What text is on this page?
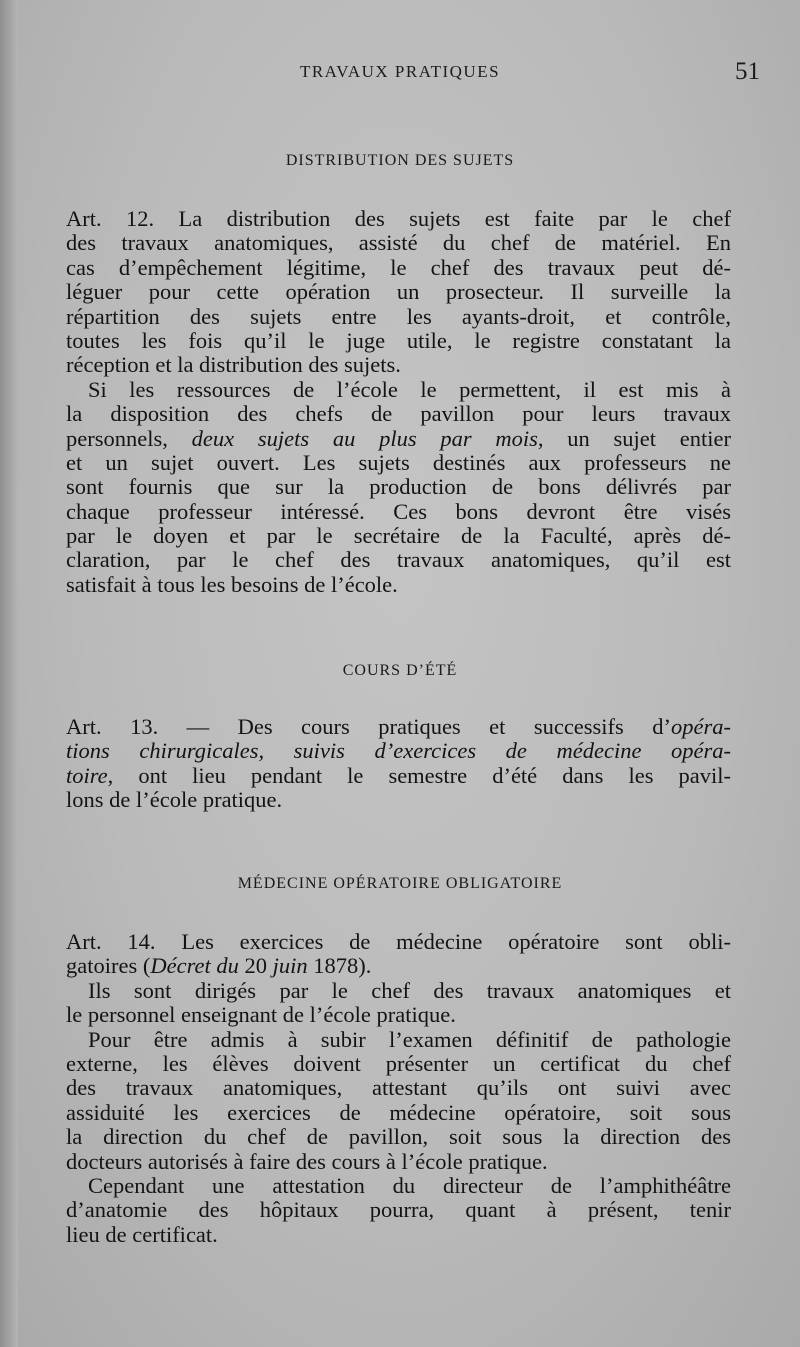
TRAVAUX PRATIQUES	51
DISTRIBUTION DES SUJETS
Art. 12. La distribution des sujets est faite par le chef
des travaux anatomiques, assisté du chef de matériel. En
cas d’empêchement légitime, le chef des travaux peut dé-
léguer pour cette opération un prosecteur. Il surveille la
répartition des sujets entre les ayants-droit, et contrôle,
toutes les fois qu’il le juge utile, le registre constatant la
réception et la distribution des sujets.
Si les ressources de l’école le permettent, il est mis à
la disposition des chefs de pavillon pour leurs travaux
personnels, deux sujets au plus par mois, un sujet entier
et un sujet ouvert. Les sujets destinés aux professeurs ne
sont fournis que sur la production de bons délivrés par
chaque professeur intéressé. Ces bons devront être visés
par le doyen et par le secrétaire de la Faculté, après dé-
claration, par le chef des travaux anatomiques, qu’il est
satisfait à tous les besoins de l’école.
COURS D’ÉTÉ
Art. 13. — Des cours pratiques et successifs d’opéra-
tions chirurgicales, suivis d’exercices de médecine opéra-
toire, ont lieu pendant le semestre d’été dans les pavil-
lons de l’école pratique.
MÉDECINE OPÉRATOIRE OBLIGATOIRE
Art. 14. Les exercices de médecine opératoire sont obli-
gatoires (Décret du 20 juin 1878).
Ils sont dirigés par le chef des travaux anatomiques et
le personnel enseignant de l’école pratique.
Pour être admis à subir l’examen définitif de pathologie
externe, les élèves doivent présenter un certificat du chef
des travaux anatomiques, attestant qu’ils ont suivi avec
assiduité les exercices de médecine opératoire, soit sous
la direction du chef de pavillon, soit sous la direction des
docteurs autorisés à faire des cours à l’école pratique.
Cependant une attestation du directeur de l’amphithéâtre
d’anatomie des hôpitaux pourra, quant à présent, tenir
lieu de certificat.
